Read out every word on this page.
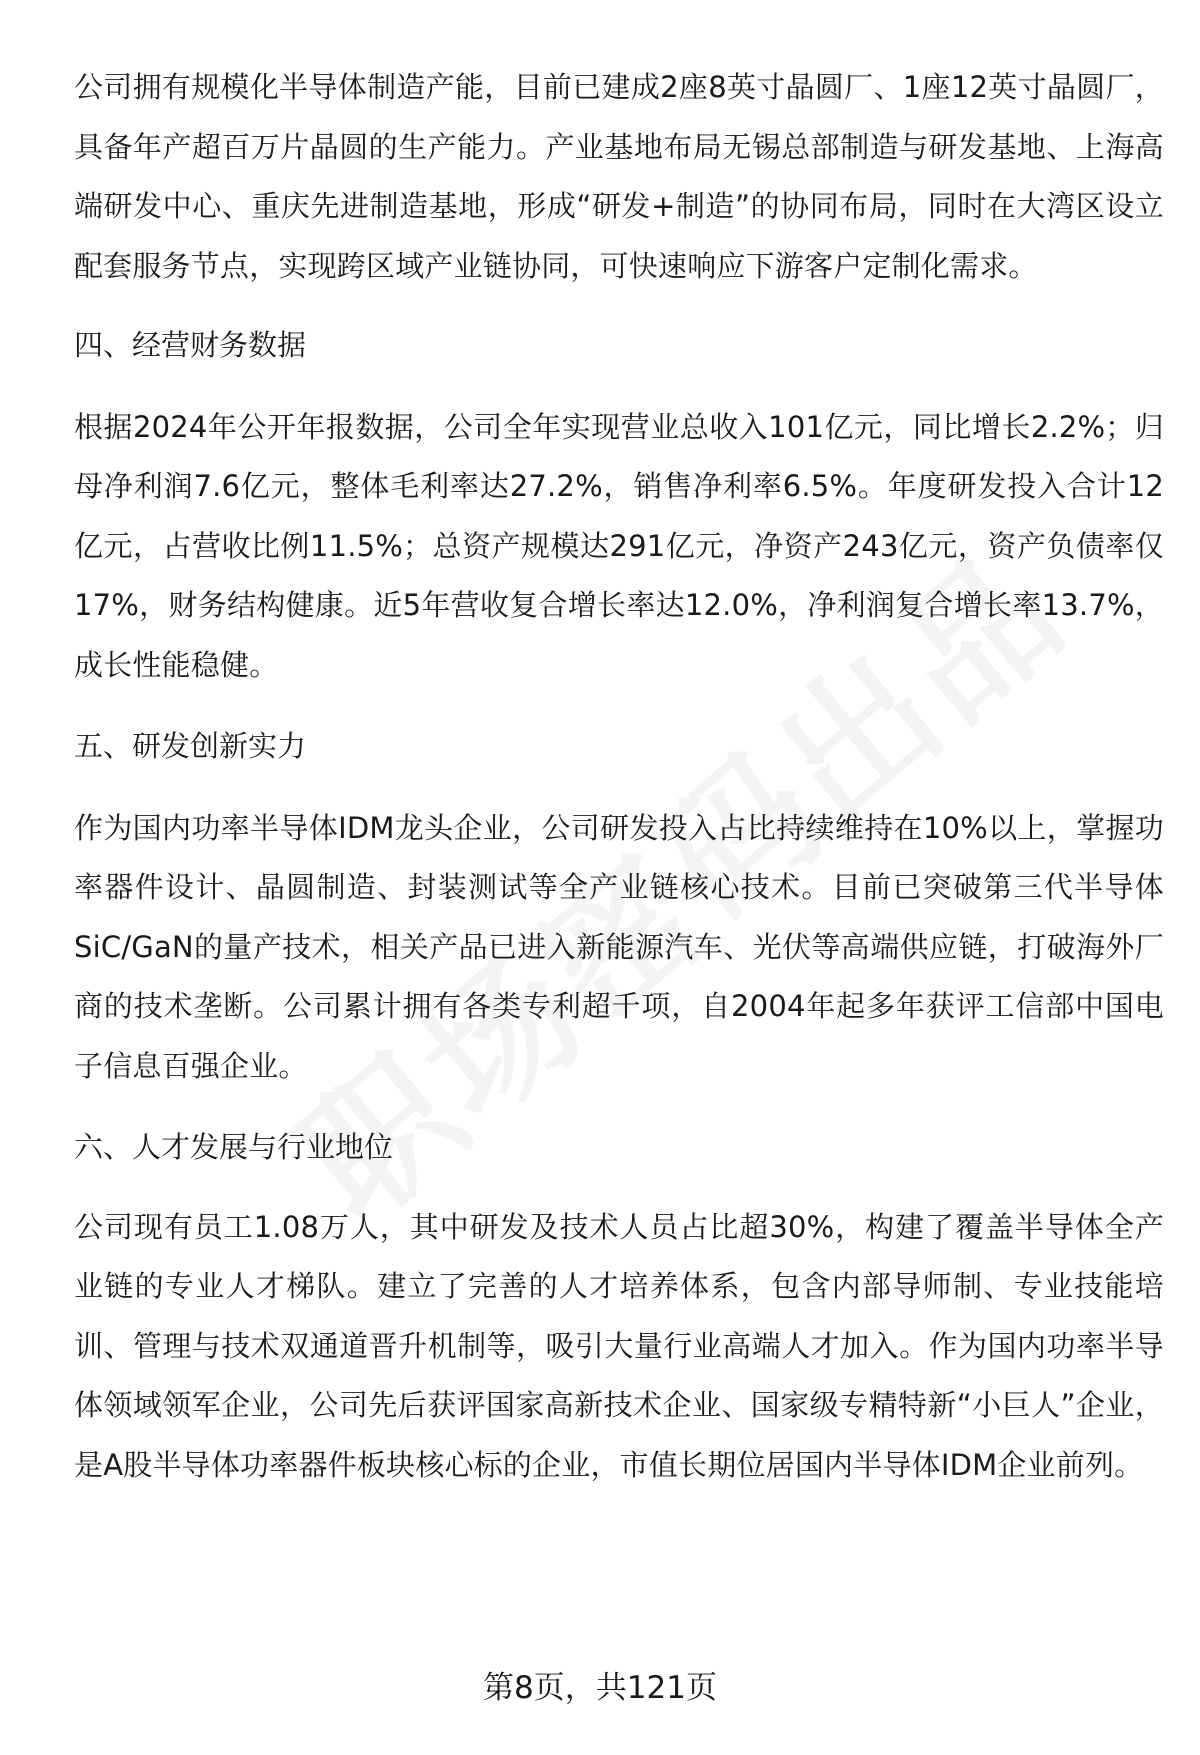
公司拥有规模化半导体制造产能，目前已建成2座8英寸晶圆厂、1座12英寸晶圆厂，具备年产超百万片晶圆的生产能力。产业基地布局无锡总部制造与研发基地、上海高端研发中心、重庆先进制造基地，形成“研发+制造”的协同布局，同时在大湾区设立配套服务节点，实现跨区域产业链协同，可快速响应下游客户定制化需求。

四、经营财务数据

根据2024年公开年报数据，公司全年实现营业总收入101亿元，同比增长2.2%；归母净利润7.6亿元，整体毛利率达27.2%，销售净利率6.5%。年度研发投入合计12亿元，占营收比例11.5%；总资产规模达291亿元，净资产243亿元，资产负债率仅17%，财务结构健康。近5年营收复合增长率达12.0%，净利润复合增长率13.7%，成长性能稳健。

五、研发创新实力

作为国内功率半导体IDM龙头企业，公司研发投入占比持续维持在10%以上，掌握功率器件设计、晶圆制造、封装测试等全产业链核心技术。目前已突破第三代半导体SiC/GaN的量产技术，相关产品已进入新能源汽车、光伏等高端供应链，打破海外厂商的技术垄断。公司累计拥有各类专利超千项，自2004年起多年获评工信部中国电子信息百强企业。

六、人才发展与行业地位

公司现有员工1.08万人，其中研发及技术人员占比超30%，构建了覆盖半导体全产业链的专业人才梯队。建立了完善的人才培养体系，包含内部导师制、专业技能培训、管理与技术双通道晋升机制等，吸引大量行业高端人才加入。作为国内功率半导体领域领军企业，公司先后获评国家高新技术企业、国家级专精特新“小巨人”企业，是A股半导体功率器件板块核心标的企业，市值长期位居国内半导体IDM企业前列。

第8页，共121页
